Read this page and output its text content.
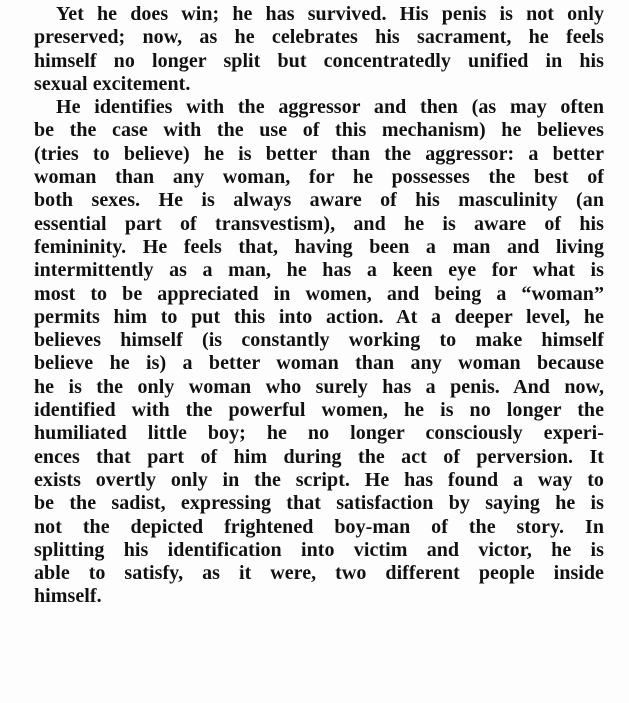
Yet he does win; he has survived. His penis is not only
preserved; now, as he celebrates his sacrament, he feels
himself no longer split but concentratedly unified in his
sexual excitement.

He identifies with the aggressor and then (as may often
be the case with the use of this mechanism) he believes
(tries to believe) he is better than the aggressor: a better
woman than any woman, for he possesses the best of
both sexes. He is always aware of his masculinity (an
essential part of transvestism), and he is aware of his
femininity. He feels that, having been a man and living
intermittently as a man, he has a keen eye for what is
most to be appreciated in women, and being a “woman”
permits him to put this into action. At a deeper level, he
believes himself (is constantly working to make himself
believe he is) a better woman than any woman because
he is the only woman who surely has a penis. And now,
identified with the powerful women, he is no longer the
humiliated little boy; he no longer consciously experi-
ences that part of him during the act of perversion. It
exists overtly only in the script. He has found a way to
be the sadist, expressing that satisfaction by saying he is
not the depicted frightened boy-man of the story. In
splitting his identification into victim and victor, he is
able to satisfy, as it were, two different people inside
himself.
